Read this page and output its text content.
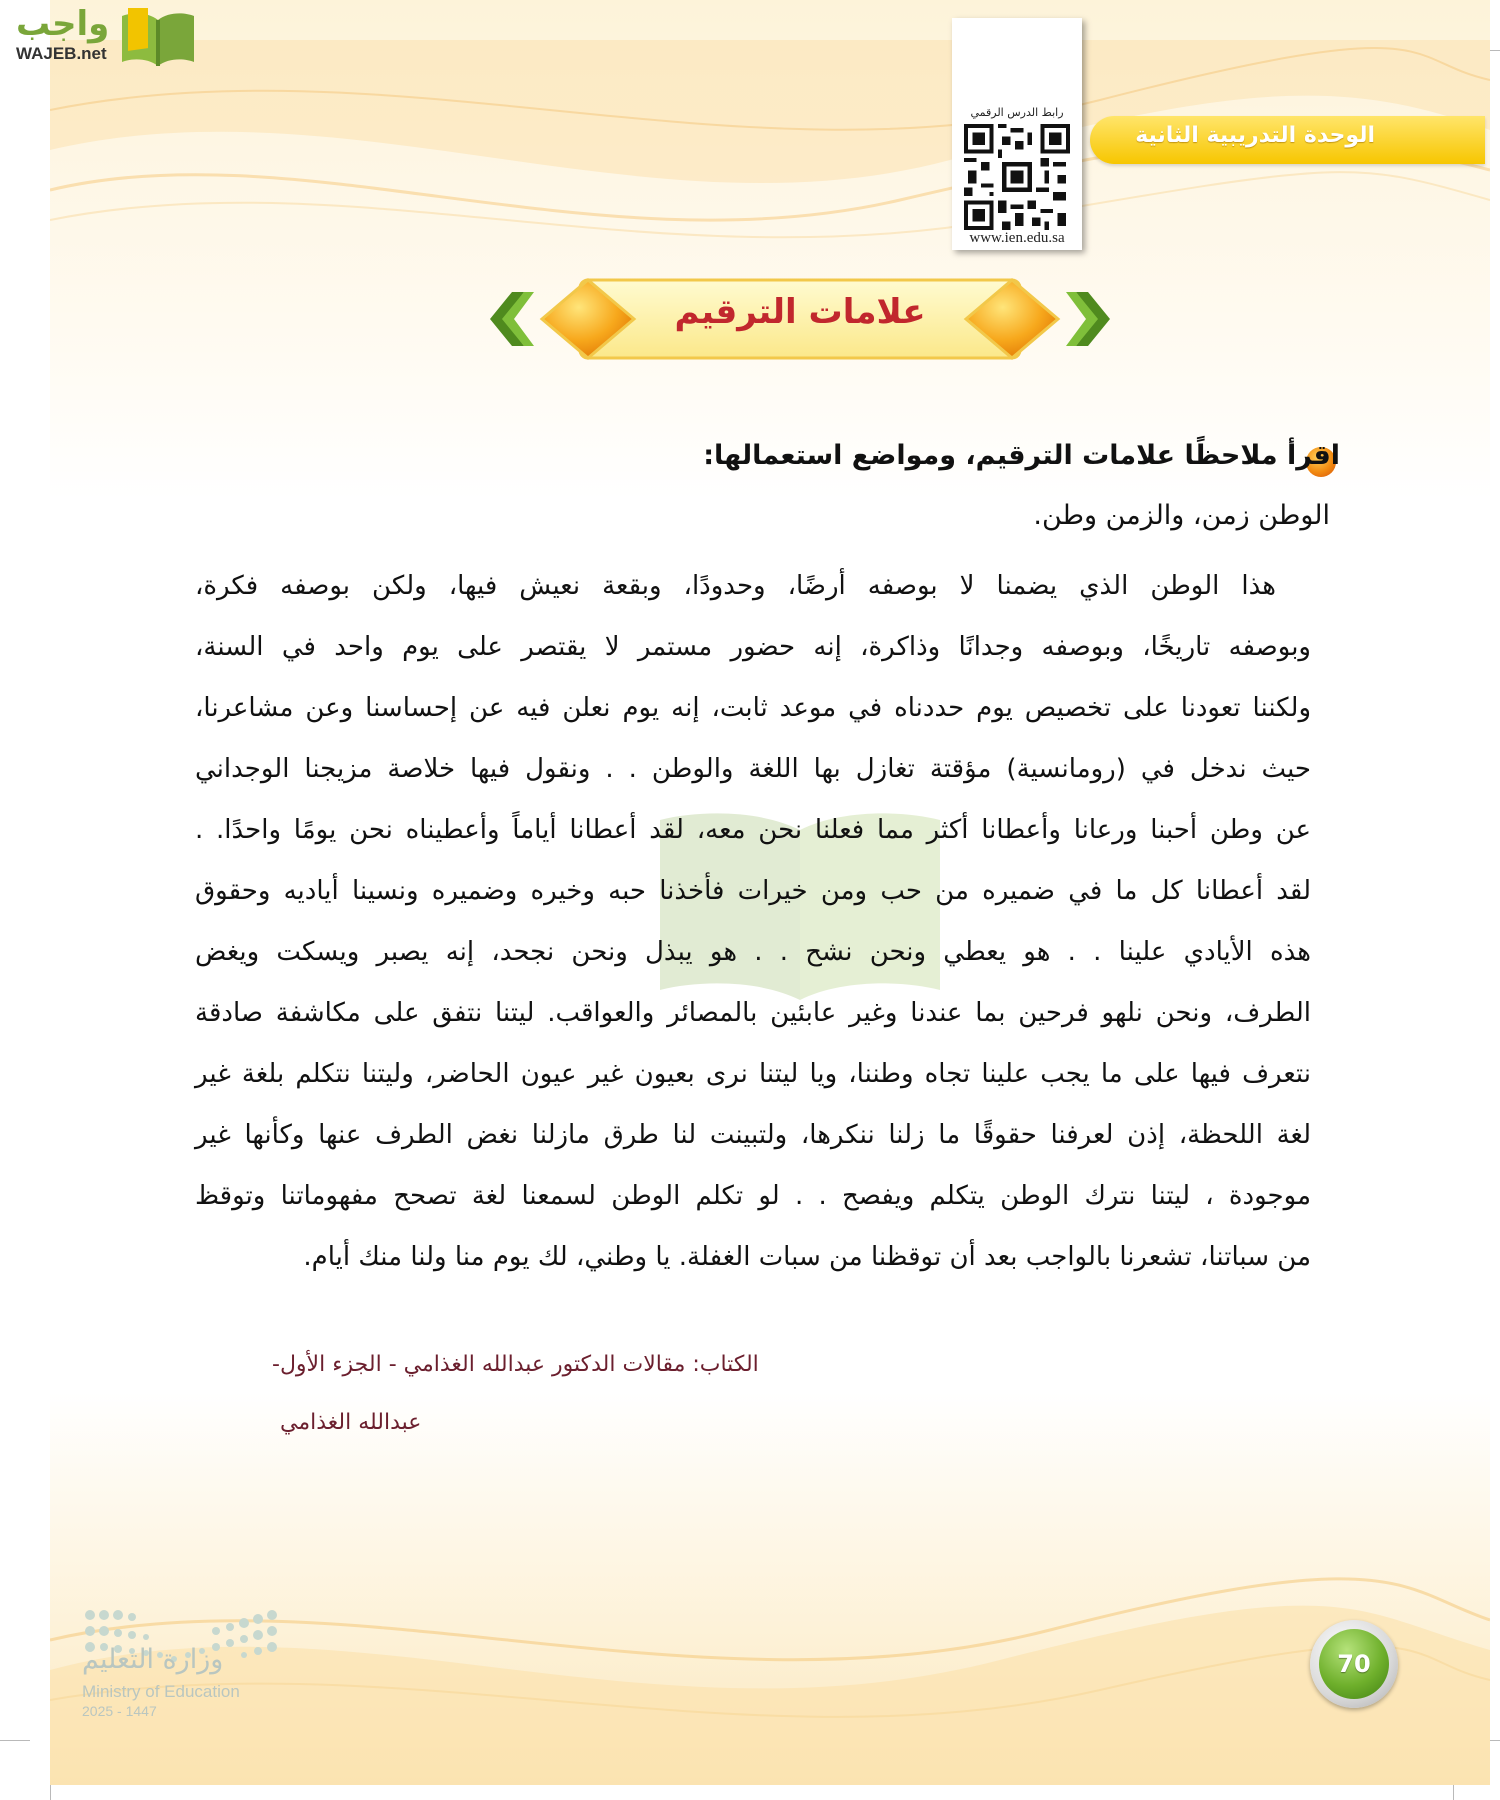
واجب
WAJEB.net
الوحدة التدريبية الثانية
رابط الدرس الرقمي
www.ien.edu.sa
علامات الترقيم
اقرأ ملاحظًا علامات الترقيم، ومواضع استعمالها:
الوطن زمن، والزمن وطن.
هذا الوطن الذي يضمنا لا بوصفه أرضًا، وحدودًا، وبقعة نعيش فيها، ولكن بوصفه فكرة،
وبوصفه تاريخًا، وبوصفه وجدانًا وذاكرة، إنه حضور مستمر لا يقتصر على يوم واحد في السنة،
ولكننا تعودنا على تخصيص يوم حددناه في موعد ثابت، إنه يوم نعلن فيه عن إحساسنا وعن مشاعرنا،
حيث ندخل في (رومانسية) مؤقتة تغازل بها اللغة والوطن . . ونقول فيها خلاصة مزيجنا الوجداني
عن وطن أحبنا ورعانا وأعطانا أكثر مما فعلنا نحن معه، لقد أعطانا أياماً وأعطيناه نحن يومًا واحدًا. .
لقد أعطانا كل ما في ضميره من حب ومن خيرات فأخذنا حبه وخيره وضميره ونسينا أياديه وحقوق
هذه الأيادي علينا . . هو يعطي ونحن نشح . . هو يبذل ونحن نجحد، إنه يصبر ويسكت ويغض
الطرف، ونحن نلهو فرحين بما عندنا وغير عابئين بالمصائر والعواقب. ليتنا نتفق على مكاشفة صادقة
نتعرف فيها على ما يجب علينا تجاه وطننا، ويا ليتنا نرى بعيون غير عيون الحاضر، وليتنا نتكلم بلغة غير
لغة اللحظة، إذن لعرفنا حقوقًا ما زلنا ننكرها، ولتبينت لنا طرق مازلنا نغض الطرف عنها وكأنها غير
موجودة ، ليتنا نترك الوطن يتكلم ويفصح . . لو تكلم الوطن لسمعنا لغة تصحح مفهوماتنا وتوقظ
من سباتنا، تشعرنا بالواجب بعد أن توقظنا من سبات الغفلة. يا وطني، لك يوم منا ولنا منك أيام.
الكتاب: مقالات الدكتور عبدالله الغذامي - الجزء الأول-
عبدالله الغذامي
وزارة التعليم
Ministry of Education
2025 - 1447
70
